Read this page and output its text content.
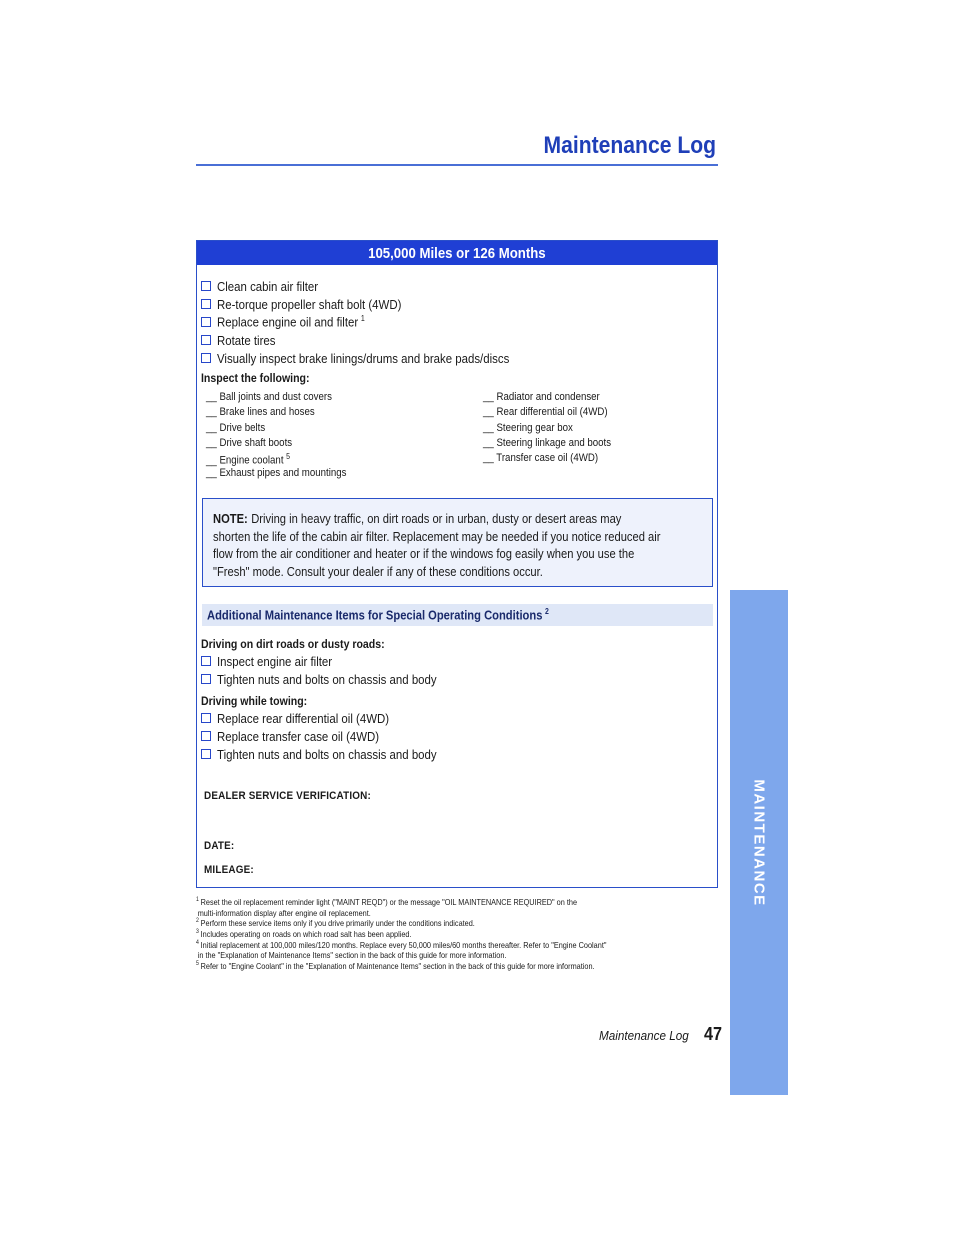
Maintenance Log
MAINTENANCE
105,000 Miles or 126 Months
Clean cabin air filter
Re-torque propeller shaft bolt (4WD)
Replace engine oil and filter $^1$
Rotate tires
Visually inspect brake linings/drums and brake pads/discs
Inspect the following:
__ Ball joints and dust covers
__ Brake lines and hoses
__ Drive belts
__ Drive shaft boots
__ Engine coolant $^5$
__ Exhaust pipes and mountings
__ Radiator and condenser
__ Rear differential oil (4WD)
__ Steering gear box
__ Steering linkage and boots
__ Transfer case oil (4WD)
NOTE: Driving in heavy traffic, on dirt roads or in urban, dusty or desert areas may
shorten the life of the cabin air filter. Replacement may be needed if you notice reduced air
flow from the air conditioner and heater or if the windows fog easily when you use the
"Fresh" mode. Consult your dealer if any of these conditions occur.
Additional Maintenance Items for Special Operating Conditions $^2$
Driving on dirt roads or dusty roads:
Inspect engine air filter
Tighten nuts and bolts on chassis and body
Driving while towing:
Replace rear differential oil (4WD)
Replace transfer case oil (4WD)
Tighten nuts and bolts on chassis and body
DEALER SERVICE VERIFICATION:
DATE:
MILEAGE:
$^1$ Reset the oil replacement reminder light ("MAINT REQD") or the message "OIL MAINTENANCE REQUIRED" on the
multi-information display after engine oil replacement.
$^2$ Perform these service items only if you drive primarily under the conditions indicated.
$^3$ Includes operating on roads on which road salt has been applied.
$^4$ Initial replacement at 100,000 miles/120 months. Replace every 50,000 miles/60 months thereafter. Refer to "Engine Coolant"
in the "Explanation of Maintenance Items" section in the back of this guide for more information.
$^5$ Refer to "Engine Coolant" in the "Explanation of Maintenance Items" section in the back of this guide for more information.
Maintenance Log 47
